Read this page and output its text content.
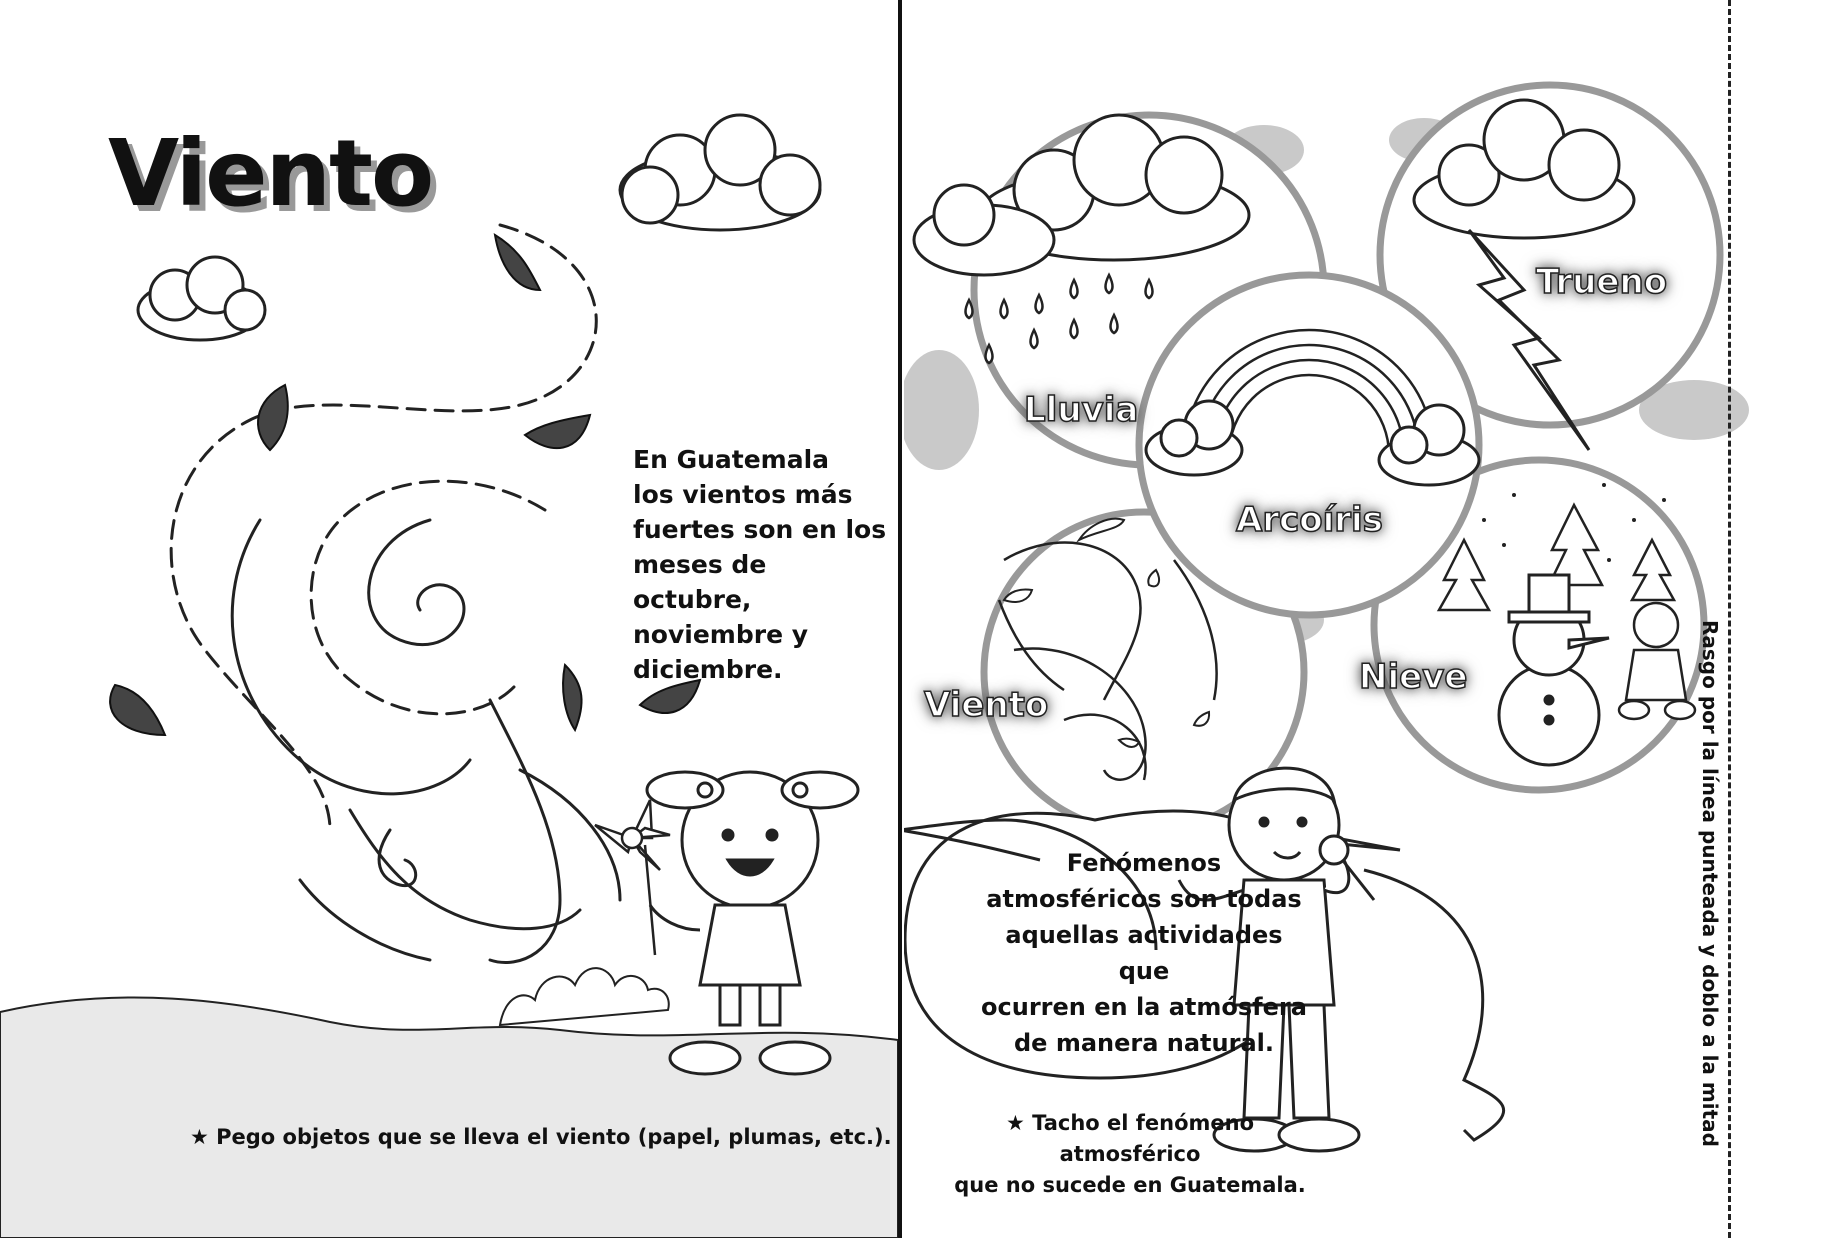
Viento

En Guatemala
los vientos más
fuertes son en los
meses de octubre,
noviembre y
diciembre.

★ Pego objetos que se lleva el viento (papel, plumas, etc.).
Lluvia
Trueno
Arcoíris
Viento
Nieve

Fenómenos
atmosféricos son todas
aquellas actividades que
ocurren en la atmósfera
de manera natural.

★ Tacho el fenómeno atmosférico
que no sucede en Guatemala.

Rasgo por la línea punteada y doblo a la mitad
